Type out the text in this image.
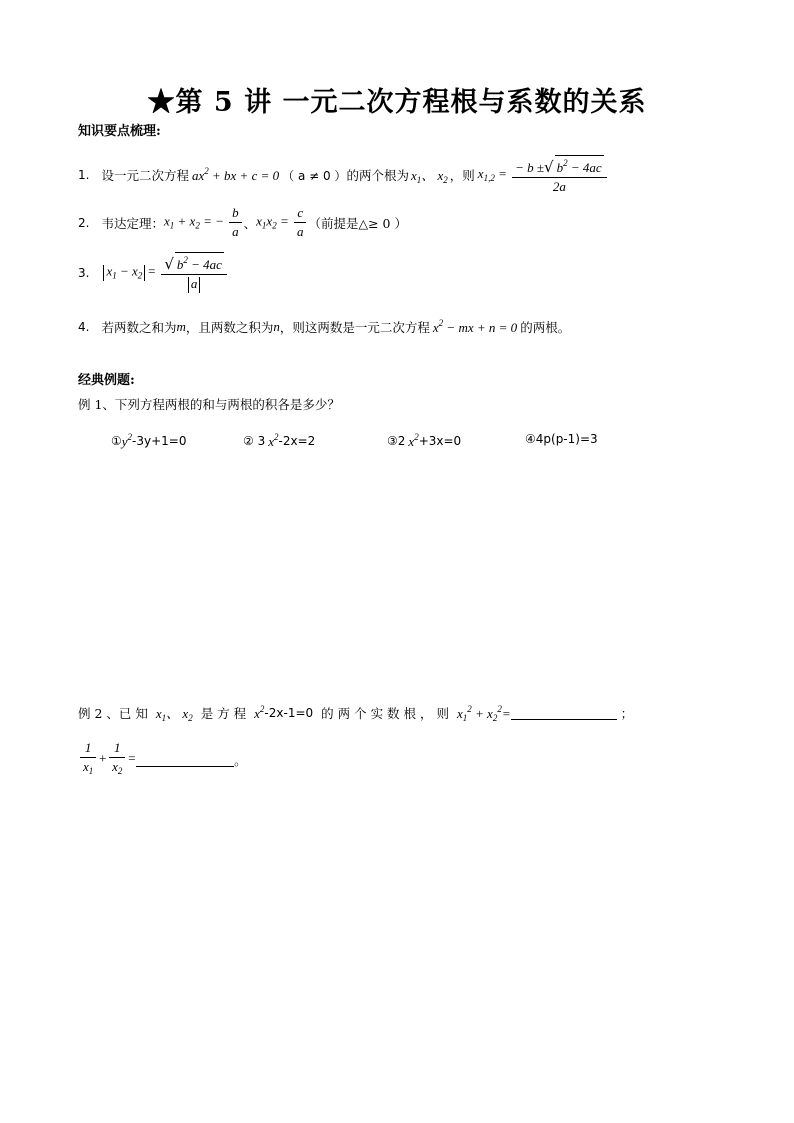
★第 5 讲 一元二次方程根与系数的关系
知识要点梳理:
1. 设一元二次方程 $ax^2$ + bx + c = 0 （ a ≠ 0 ） 的两个根为 $x_1$、 $x_2$ ，则 $x_{1,2} = \frac{- b \pm√ b^2 - 4ac}{2a}$
2. 韦达定理： $x_1 + x_2$ = − $\frac{b}{a}$ 、 $x_1x_2 = \frac{c}{a}$ （前提是△≥ 0 ）
3.	$x_1 - x_2 = \frac{√ b^2 - 4ac}{a}$
4. 若两数之和为 m ，且两数之积为 n ，则这两数是一元二次方程 $x^2$ − mx + n = 0 的两根。
经典例题:
例 1、下列方程两根的和与两根的积各是多少？
① $y^2$ -3y+1=0	② 3 $x^2$ -2x=2	③2 $x^2 +3x=0$	④4p(p-1)=3
例 2 、已 知 $x_1$、 $x_2$ 是 方 程 $x^2$ -2x-1=0 的 两 个 实 数 根 ， 则 $x_1^2 + x_2^2=$	；
$\frac{1}{x_1} + \frac{1}{x_2}$ =	。
